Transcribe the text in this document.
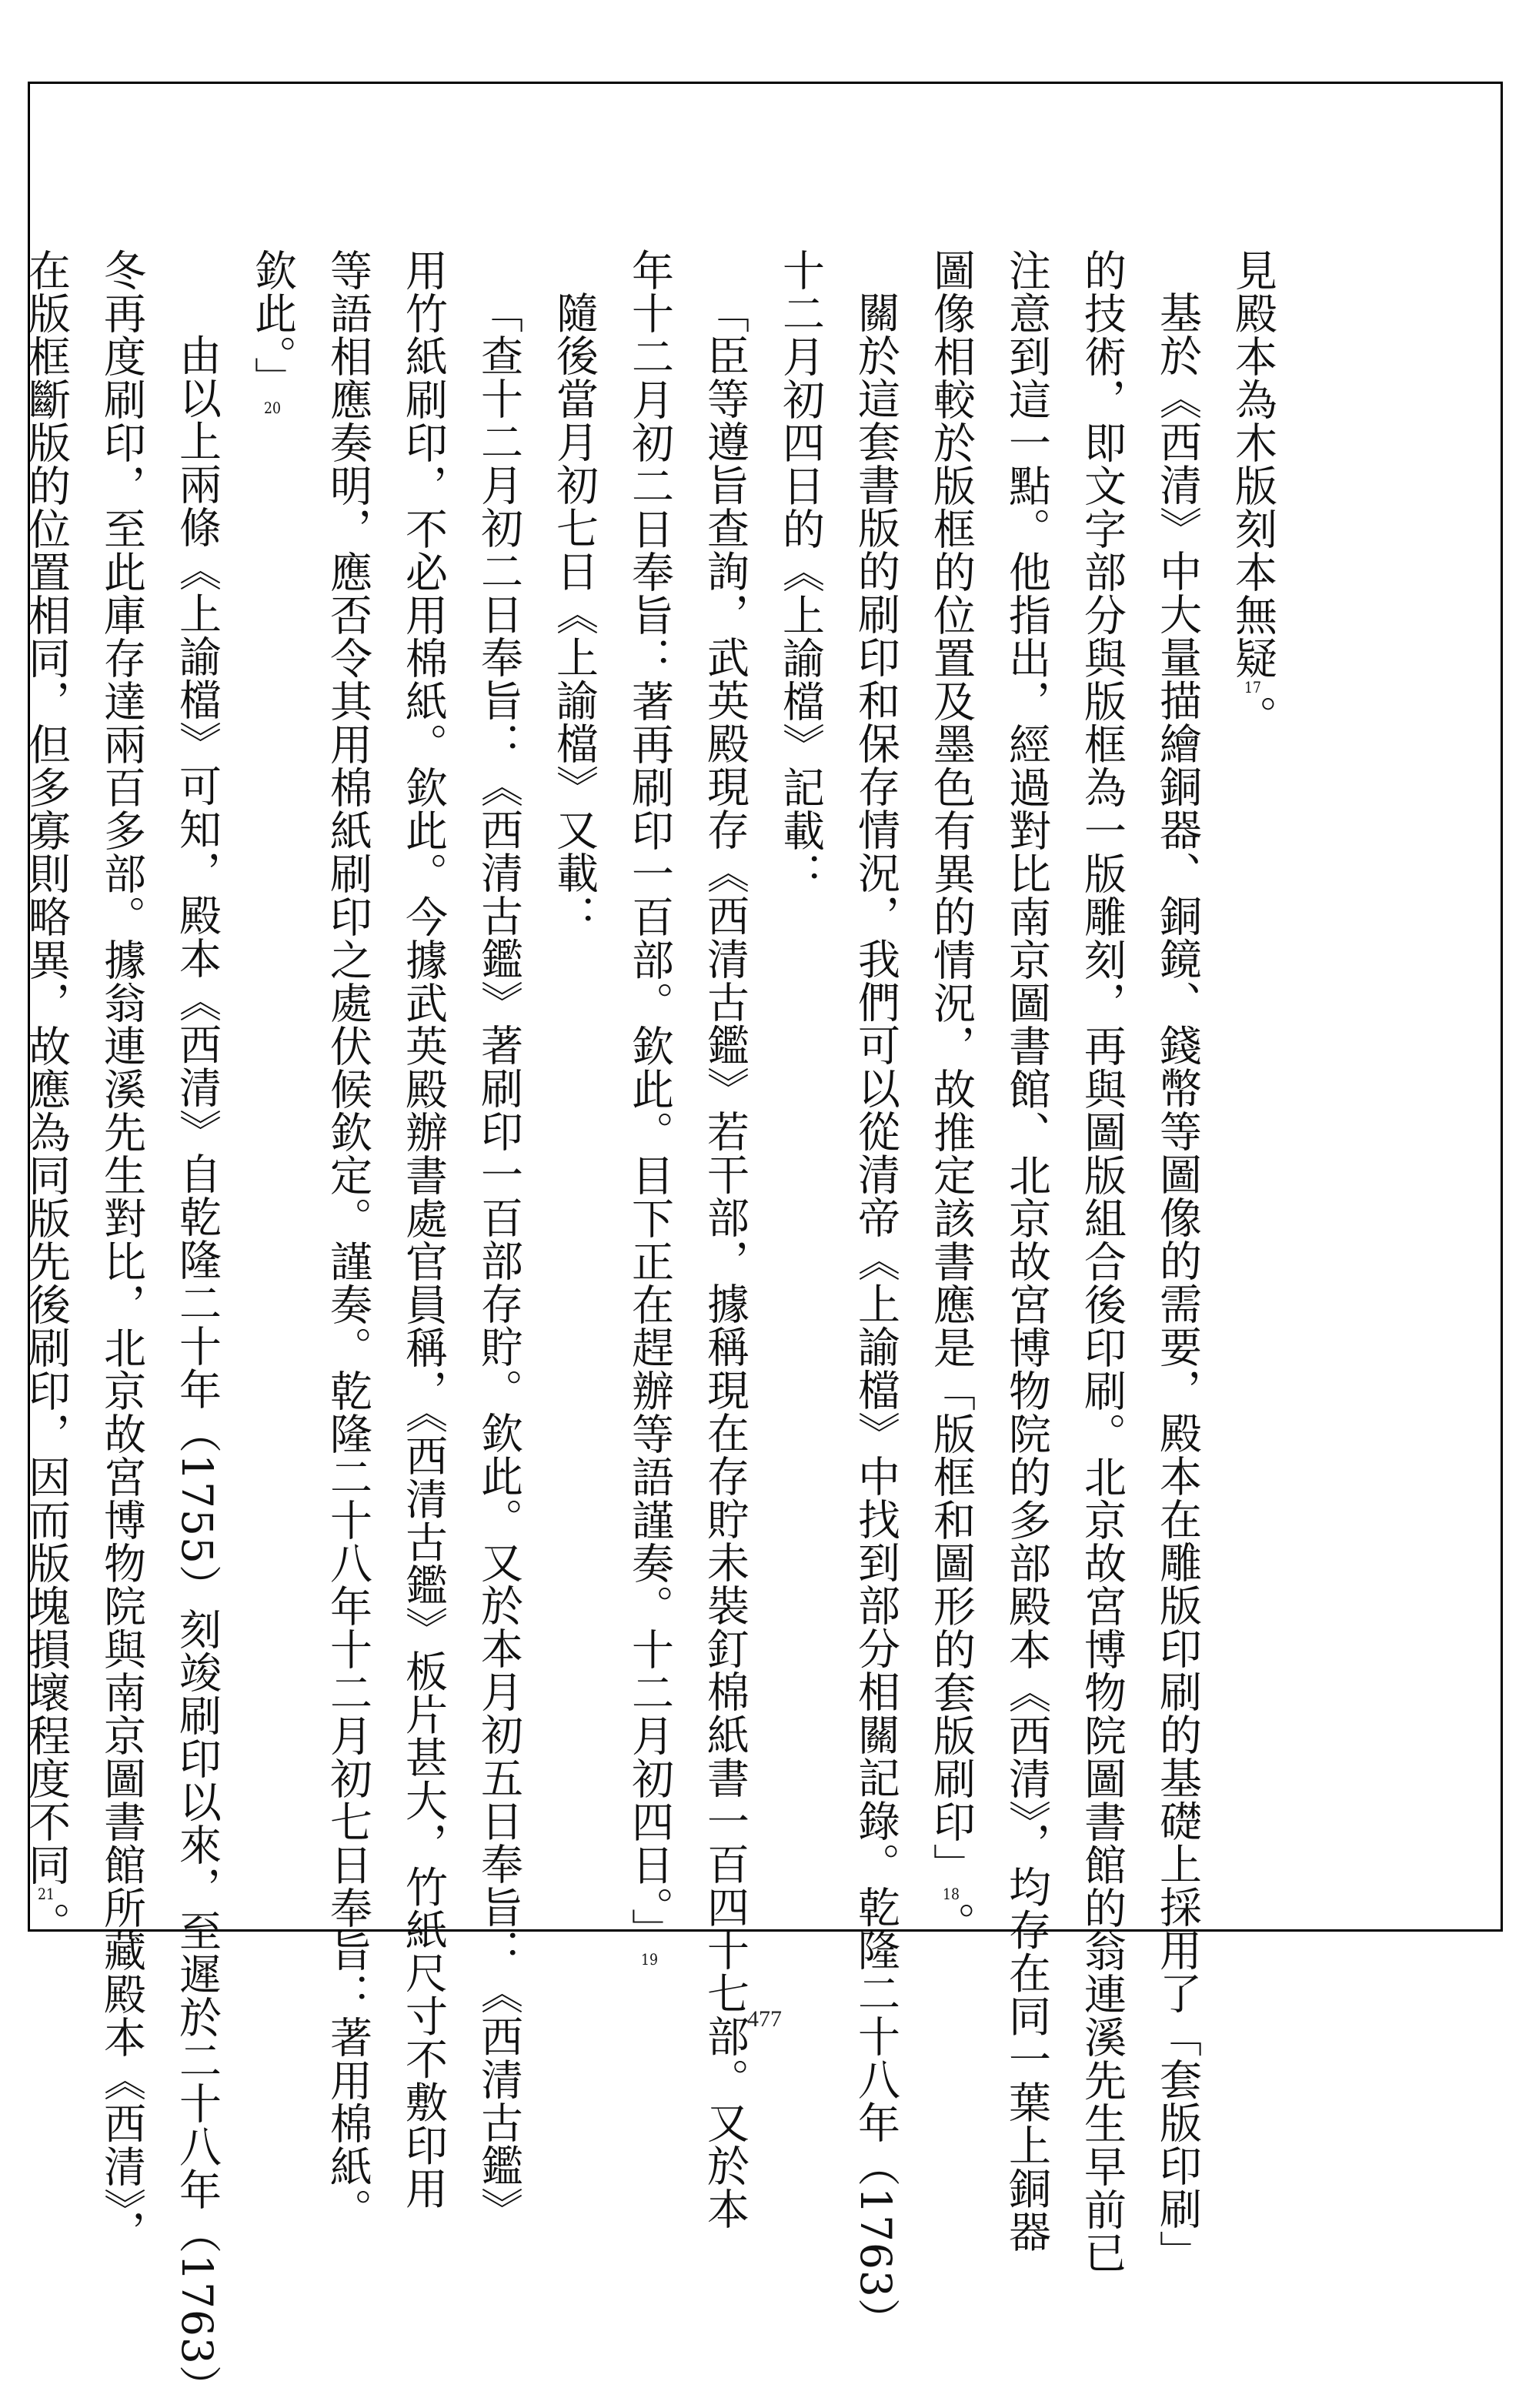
見殿本為木版刻本無疑17。
基於《西清》中大量描繪銅器、銅鏡、錢幣等圖像的需要，殿本在雕版印刷的基礎上採用了「套版印刷」
的技術，即文字部分與版框為一版雕刻，再與圖版組合後印刷。北京故宮博物院圖書館的翁連溪先生早前已
注意到這一點。他指出，經過對比南京圖書館、北京故宮博物院的多部殿本《西清》，均存在同一葉上銅器
圖像相較於版框的位置及墨色有異的情況，故推定該書應是「版框和圖形的套版刷印」18。
關於這套書版的刷印和保存情況，我們可以從清帝《上諭檔》中找到部分相關記錄。乾隆二十八年（1763）
十二月初四日的《上諭檔》記載：
「臣等遵旨查詢，武英殿現存《西清古鑑》若干部，據稱現在存貯未裝釘棉紙書一百四十七部。又於本
年十二月初二日奉旨：著再刷印一百部。欽此。目下正在趕辦等語謹奏。十二月初四日。」19
隨後當月初七日《上諭檔》又載：
「查十二月初二日奉旨：《西清古鑑》著刷印一百部存貯。欽此。又於本月初五日奉旨：《西清古鑑》
用竹紙刷印，不必用棉紙。欽此。今據武英殿辦書處官員稱，《西清古鑑》板片甚大，竹紙尺寸不敷印用
等語相應奏明，應否令其用棉紙刷印之處伏候欽定。謹奏。乾隆二十八年十二月初七日奉旨：著用棉紙。
欽此。」20
由以上兩條《上諭檔》可知，殿本《西清》自乾隆二十年（1755）刻竣刷印以來，至遲於二十八年（1763）
冬再度刷印，至此庫存達兩百多部。據翁連溪先生對比，北京故宮博物院與南京圖書館所藏殿本《西清》，
在版框斷版的位置相同，但多寡則略異，故應為同版先後刷印，因而版塊損壞程度不同21。
477
